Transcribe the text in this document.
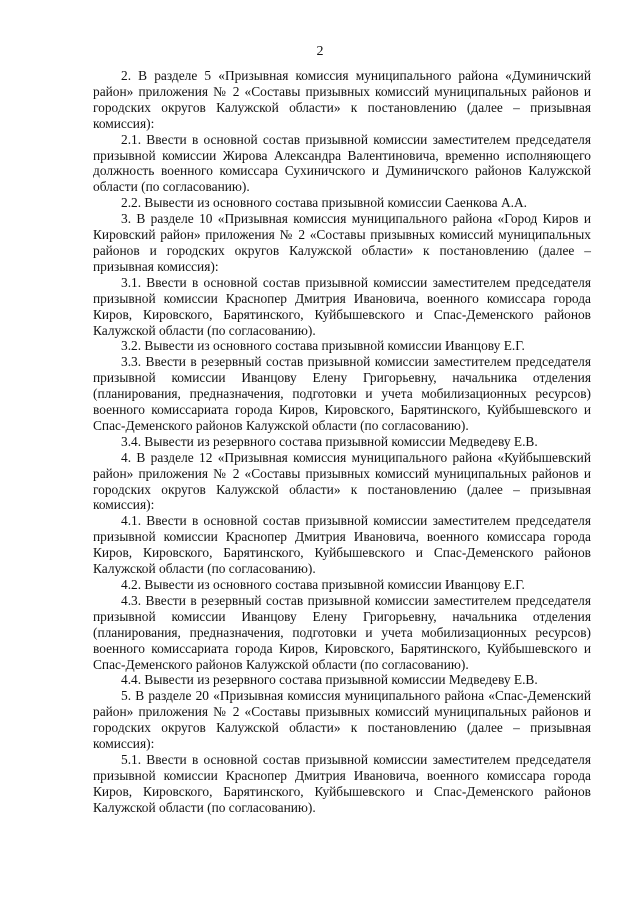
2

2. В разделе 5 «Призывная комиссия муниципального района «Думиничский район» приложения № 2 «Составы призывных комиссий муниципальных районов и городских округов Калужской области» к постановлению (далее – призывная комиссия):

2.1. Ввести в основной состав призывной комиссии заместителем председателя призывной комиссии Жирова Александра Валентиновича, временно исполняющего должность военного комиссара Сухиничского и Думиничского районов Калужской области (по согласованию).

2.2. Вывести из основного состава призывной комиссии Саенкова А.А.

3. В разделе 10 «Призывная комиссия муниципального района «Город Киров и Кировский район» приложения № 2 «Составы призывных комиссий муниципальных районов и городских округов Калужской области» к постановлению (далее – призывная комиссия):

3.1. Ввести в основной состав призывной комиссии заместителем председателя призывной комиссии Краснопер Дмитрия Ивановича, военного комиссара города Киров, Кировского, Барятинского, Куйбышевского и Спас-Деменского районов Калужской области (по согласованию).

3.2. Вывести из основного состава призывной комиссии Иванцову Е.Г.

3.3. Ввести в резервный состав призывной комиссии заместителем председателя призывной комиссии Иванцову Елену Григорьевну, начальника отделения (планирования, предназначения, подготовки и учета мобилизационных ресурсов) военного комиссариата города Киров, Кировского, Барятинского, Куйбышевского и Спас-Деменского районов Калужской области (по согласованию).

3.4. Вывести из резервного состава призывной комиссии Медведеву Е.В.

4. В разделе 12 «Призывная комиссия муниципального района «Куйбышевский район» приложения № 2 «Составы призывных комиссий муниципальных районов и городских округов Калужской области» к постановлению (далее – призывная комиссия):

4.1. Ввести в основной состав призывной комиссии заместителем председателя призывной комиссии Краснопер Дмитрия Ивановича, военного комиссара города Киров, Кировского, Барятинского, Куйбышевского и Спас-Деменского районов Калужской области (по согласованию).

4.2. Вывести из основного состава призывной комиссии Иванцову Е.Г.

4.3. Ввести в резервный состав призывной комиссии заместителем председателя призывной комиссии Иванцову Елену Григорьевну, начальника отделения (планирования, предназначения, подготовки и учета мобилизационных ресурсов) военного комиссариата города Киров, Кировского, Барятинского, Куйбышевского и Спас-Деменского районов Калужской области (по согласованию).

4.4. Вывести из резервного состава призывной комиссии Медведеву Е.В.

5. В разделе 20 «Призывная комиссия муниципального района «Спас-Деменский район» приложения № 2 «Составы призывных комиссий муниципальных районов и городских округов Калужской области» к постановлению (далее – призывная комиссия):

5.1. Ввести в основной состав призывной комиссии заместителем председателя призывной комиссии Краснопер Дмитрия Ивановича, военного комиссара города Киров, Кировского, Барятинского, Куйбышевского и Спас-Деменского районов Калужской области (по согласованию).
